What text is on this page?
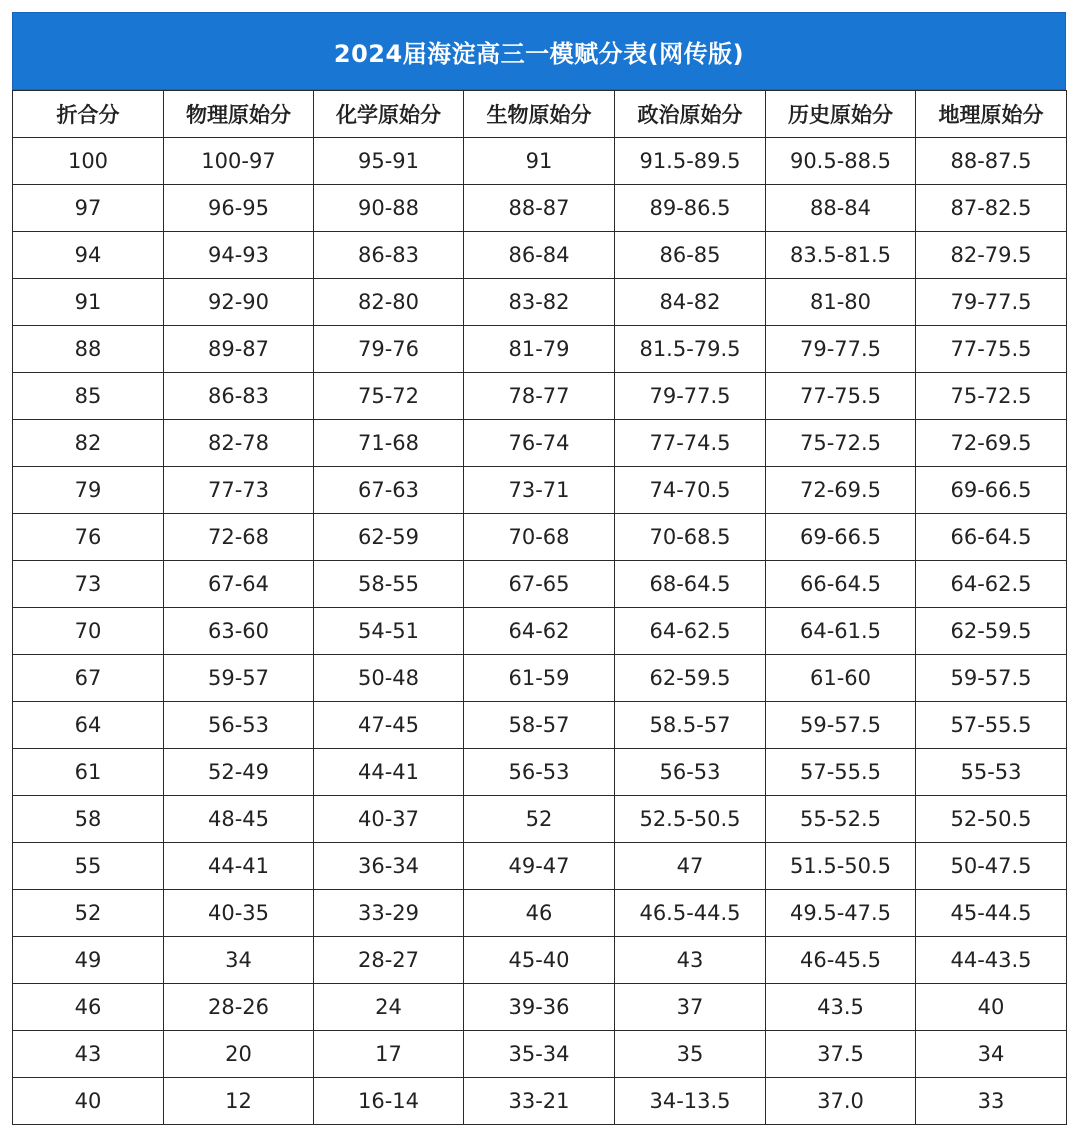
2024届海淀高三一模赋分表(网传版)
折合分	物理原始分	化学原始分	生物原始分	政治原始分	历史原始分	地理原始分
100	100-97	95-91	91	91.5-89.5	90.5-88.5	88-87.5
97	96-95	90-88	88-87	89-86.5	88-84	87-82.5
94	94-93	86-83	86-84	86-85	83.5-81.5	82-79.5
91	92-90	82-80	83-82	84-82	81-80	79-77.5
88	89-87	79-76	81-79	81.5-79.5	79-77.5	77-75.5
85	86-83	75-72	78-77	79-77.5	77-75.5	75-72.5
82	82-78	71-68	76-74	77-74.5	75-72.5	72-69.5
79	77-73	67-63	73-71	74-70.5	72-69.5	69-66.5
76	72-68	62-59	70-68	70-68.5	69-66.5	66-64.5
73	67-64	58-55	67-65	68-64.5	66-64.5	64-62.5
70	63-60	54-51	64-62	64-62.5	64-61.5	62-59.5
67	59-57	50-48	61-59	62-59.5	61-60	59-57.5
64	56-53	47-45	58-57	58.5-57	59-57.5	57-55.5
61	52-49	44-41	56-53	56-53	57-55.5	55-53
58	48-45	40-37	52	52.5-50.5	55-52.5	52-50.5
55	44-41	36-34	49-47	47	51.5-50.5	50-47.5
52	40-35	33-29	46	46.5-44.5	49.5-47.5	45-44.5
49	34	28-27	45-40	43	46-45.5	44-43.5
46	28-26	24	39-36	37	43.5	40
43	20	17	35-34	35	37.5	34
40	12	16-14	33-21	34-13.5	37.0	33
